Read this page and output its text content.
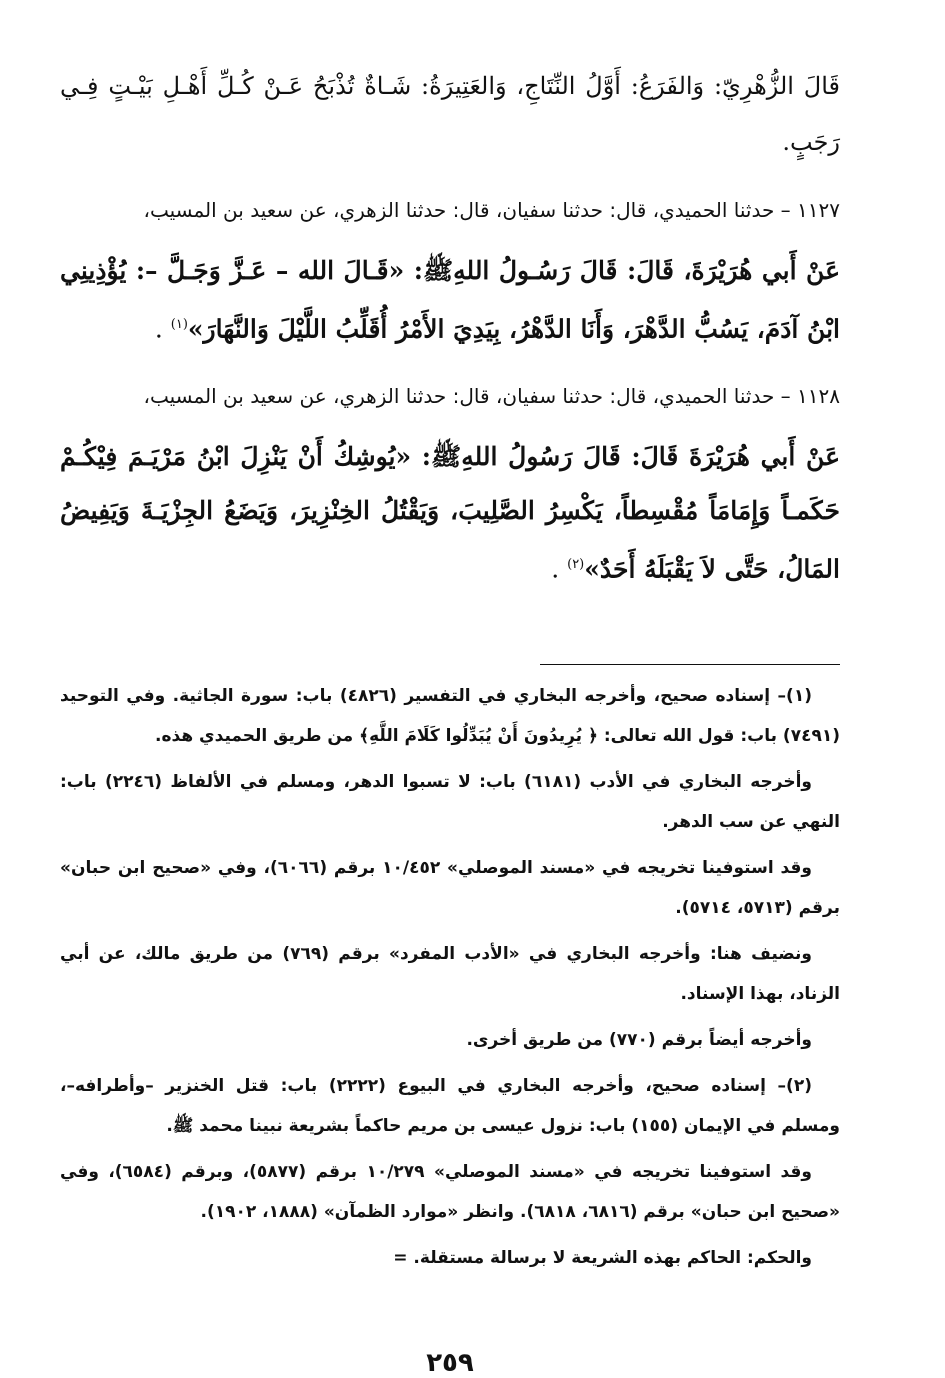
قَالَ الزُّهْرِيّ: وَالفَرَعُ: أَوَّلُ النِّتَاجِ، وَالعَتِيرَةُ: شَـاةٌ تُذْبَحُ عَـنْ كُـلِّ أَهْـلِ بَيْـتٍ فِـي رَجَبٍ.

١١٢٧ – حدثنا الحميدي، قال: حدثنا سفيان، قال: حدثنا الزهري، عن سعيد بن المسيب،

عَنْ أَبي هُرَيْرَةَ، قَالَ: قَالَ رَسُـولُ اللهِﷺ: «قَـالَ الله – عَـزَّ وَجَـلَّ –: يُؤْذِينِي ابْنُ آدَمَ، يَسُبُّ الدَّهْرَ، وَأَنَا الدَّهْرُ، بِيَدِيَ الأَمْرُ أُقَلِّبُ اللَّيْلَ وَالنَّهَارَ»$^{(١)}$ .

١١٢٨ – حدثنا الحميدي، قال: حدثنا سفيان، قال: حدثنا الزهري، عن سعيد بن المسيب،

عَنْ أَبي هُرَيْرَةَ قَالَ: قَالَ رَسُولُ اللهِﷺ: «يُوشِكُ أَنْ يَنْزِلَ ابْنُ مَرْيَـمَ فِيْكُـمْ حَكَمـاً وَإِمَامَاً مُقْسِطاً، يَكْسِرُ الصَّلِيبَ، وَيَقْتُلُ الخِنْزِيرَ، وَيَضَعُ الجِزْيَـةَ وَيَفِيضُ المَالُ، حَتَّى لاَ يَقْبَلَهُ أَحَدٌ»$^{(٢)}$ .

(١)– إسناده صحيح، وأخرجه البخاري في التفسير (٤٨٢٦) باب: سورة الجاثية. وفي التوحيد (٧٤٩١) باب: قول الله تعالى: ﴿ يُرِيدُونَ أَنْ يُبَدِّلُوا كَلَامَ اللَّهِ﴾ من طريق الحميدي هذه.

وأخرجه البخاري في الأدب (٦١٨١) باب: لا تسبوا الدهر، ومسلم في الألفاظ (٢٢٤٦) باب: النهي عن سب الدهر.

وقد استوفينا تخريجه في «مسند الموصلي» ١٠/٤٥٢ برقم (٦٠٦٦)، وفي «صحيح ابن حبان» برقم (٥٧١٣، ٥٧١٤).

ونضيف هنا: وأخرجه البخاري في «الأدب المفرد» برقم (٧٦٩) من طريق مالك، عن أبي الزناد، بهذا الإسناد.

وأخرجه أيضاً برقم (٧٧٠) من طريق أخرى.

(٢)– إسناده صحيح، وأخرجه البخاري في البيوع (٢٢٢٢) باب: قتل الخنزير –وأطرافه–، ومسلم في الإيمان (١٥٥) باب: نزول عيسى بن مريم حاكماً بشريعة نبينا محمد ﷺ.

وقد استوفينا تخريجه في «مسند الموصلي» ١٠/٢٧٩ برقم (٥٨٧٧)، وبرقم (٦٥٨٤)، وفي «صحيح ابن حبان» برقم (٦٨١٦، ٦٨١٨). وانظر «موارد الظمآن» (١٨٨٨، ١٩٠٢).

والحكم: الحاكم بهذه الشريعة لا برسالة مستقلة. =

٢٥٩
